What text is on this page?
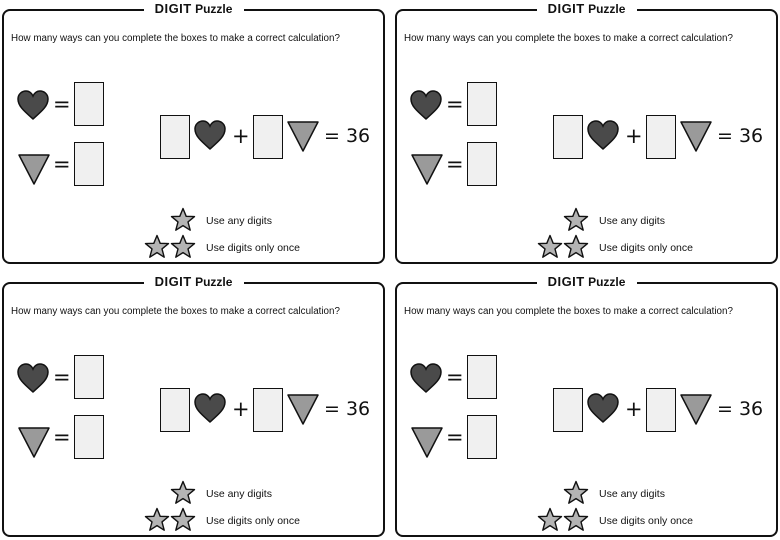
DIGIT Puzzle
How many ways can you complete the boxes to make a correct calculation?
=
=
+	= 36
Use any digits
Use digits only once
DIGIT Puzzle
How many ways can you complete the boxes to make a correct calculation?
=
=
+	= 36
Use any digits
Use digits only once
DIGIT Puzzle
How many ways can you complete the boxes to make a correct calculation?
=
=
+	= 36
Use any digits
Use digits only once
DIGIT Puzzle
How many ways can you complete the boxes to make a correct calculation?
=
=
+	= 36
Use any digits
Use digits only once
